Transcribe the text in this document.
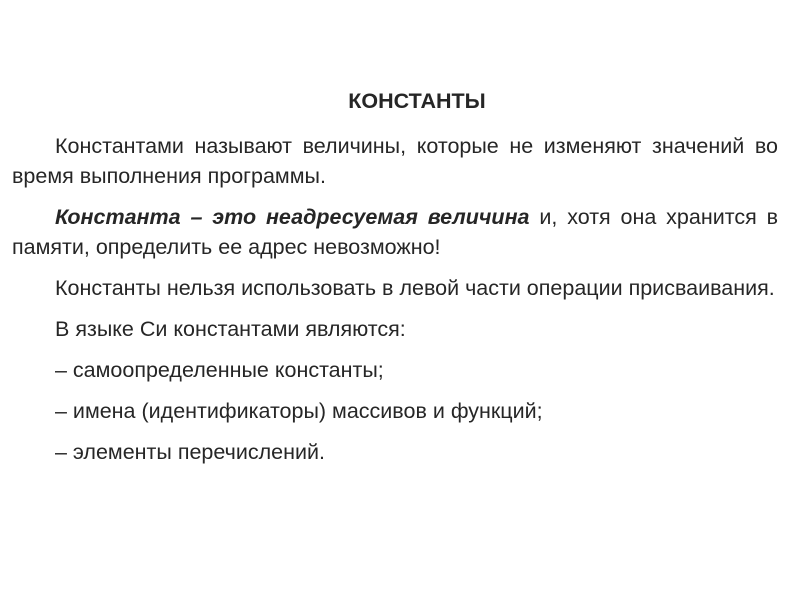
КОНСТАНТЫ

Константами называют величины, которые не изменяют значений во время выполнения программы.

Константа – это неадресуемая величина и, хотя она хранится в памяти, определить ее адрес невозможно!

Константы нельзя использовать в левой части операции присваивания.

В языке Си константами являются:

– самоопределенные константы;

– имена (идентификаторы) массивов и функций;

– элементы перечислений.
